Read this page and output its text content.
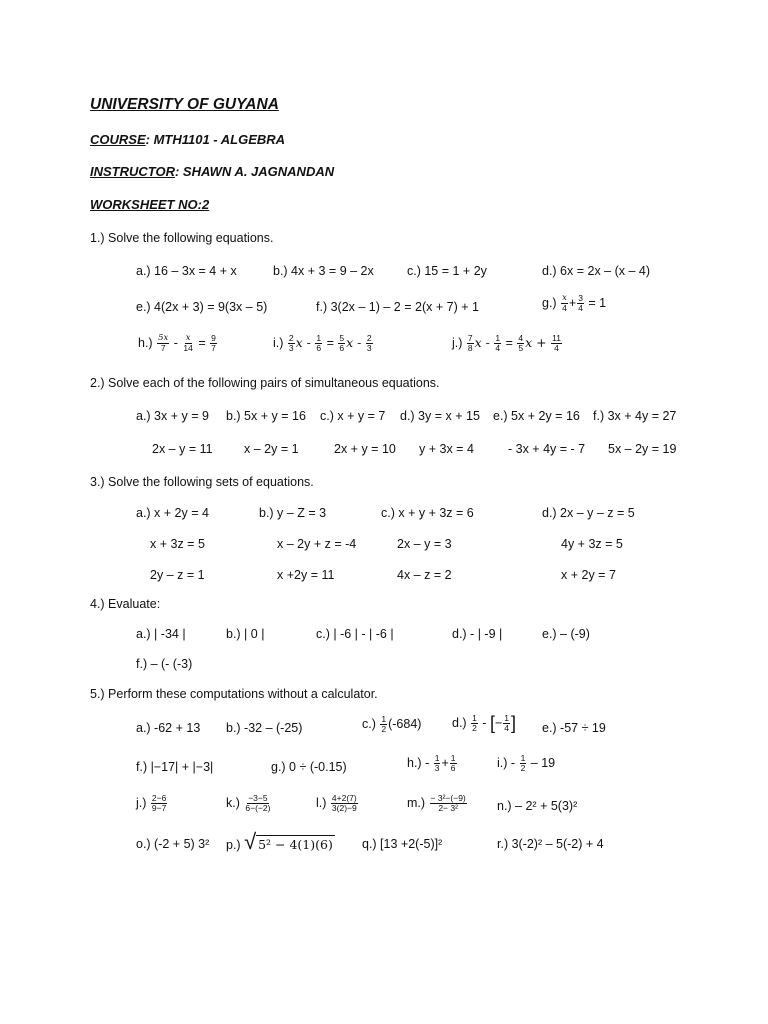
UNIVERSITY OF GUYANA
COURSE: MTH1101 - ALGEBRA
INSTRUCTOR: SHAWN A. JAGNANDAN
WORKSHEET NO:2
1.) Solve the following equations.
a.) 16 – 3x = 4 + x	b.) 4x + 3 = 9 – 2x	c.) 15 = 1 + 2y	d.) 6x = 2x – (x – 4)
e.) 4(2x + 3) = 9(3x – 5)	f.) 3(2x – 1) – 2 = 2(x + 7) + 1	$g.) \frac{x}{4} + \frac{3}{4} = 1$
$h.) \frac{5x}{7} - \frac{x}{14} = \frac{9}{7}$	$i.) \frac{2}{3}$ $x - \frac{1}{6} = \frac{5}{6}$ x - $\frac{2}{3}$	$j.) \frac{7}{8}$ $x - \frac{1}{4} = \frac{4}{5}$ $x + \frac{11}{4}$
2.) Solve each of the following pairs of simultaneous equations.
a.) 3x + y = 9 b.) 5x + y = 16 c.) x + y = 7 d.) 3y = x + 15 e.) 5x + 2y = 16 f.) 3x + 4y = 27
2x – y = 11	x – 2y = 1	2x + y = 10 y + 3x = 4	- 3x + 4y = - 7 5x – 2y = 19
3.) Solve the following sets of equations.
a.) x + 2y = 4	b.) y – Z = 3	c.) x + y + 3z = 6	d.) 2x – y – z = 5
x + 3z = 5	x – 2y + z = -4	2x – y = 3	4y + 3z = 5
2y – z = 1	x +2y = 11	4x – z = 2	x + 2y = 7
4.) Evaluate:
a.) | -34 |	b.) | 0 |	c.) | -6 | - | -6 |	d.) - | -9 |	e.) – (-9)
f.) – (- (-3)
5.) Perform these computations without a calculator.
a.) -62 + 13 b.) -32 – (-25)	$c.) \frac{1}{2} (-684)$ $d.) \frac{1}{2}$ - [− $\frac{1}{4}$ ] e.) -57 ÷ 19
f.) |−17| + |−3|	g.) 0 ÷ (-0.15)	$h.) - \frac{1}{3} + \frac{1}{6}$	$i.) - \frac{1}{2} - 19$
$j.) \frac{2-6}{9-7}$	$k.) \frac{-3-5}{6-(-2)}$	$l.) \frac{4+2(7)}{3(2)-9}$	$m.) \frac{\text{− 3²−(−9)}}{\text{2− 3²}} n.) - 2^2 + 5(3)^2$
o.) (-2 + 5) 3² p.) √ 5² − 4(1)(6) q.) [13 +2(-5)]²	r.) 3(-2)² – 5(-2) + 4
